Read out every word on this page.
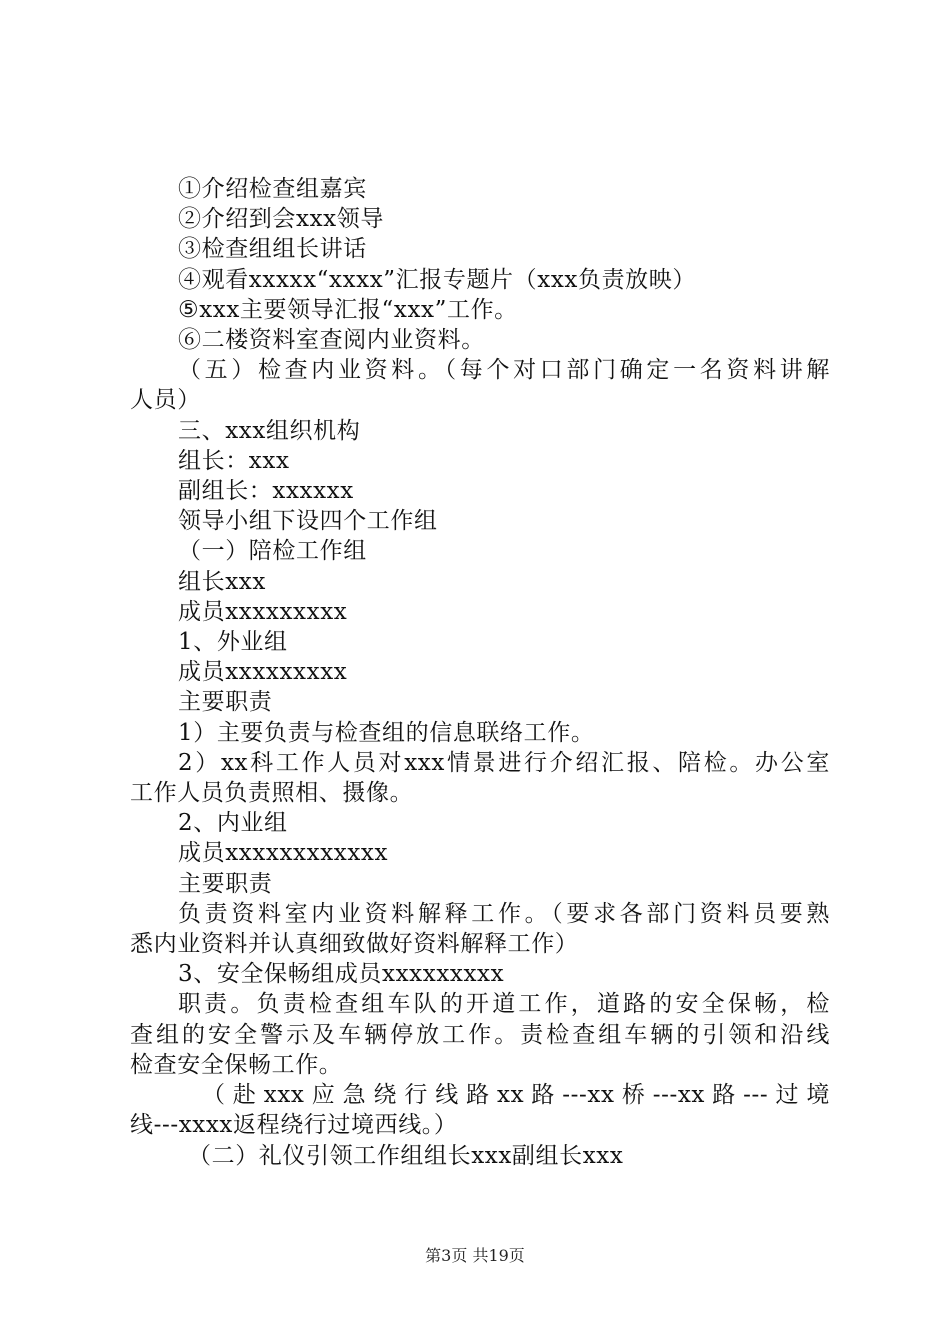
①介绍检查组嘉宾
②介绍到会xxx领导
③检查组组长讲话
④观看xxxxx“xxxx”汇报专题片（xxx负责放映）
⑤xxx主要领导汇报“xxx”工作。
⑥二楼资料室查阅内业资料。
（五）检查内业资料。（每个对口部门确定一名资料讲解
人员）
三、xxx组织机构
组长：xxx
副组长：xxxxxx
领导小组下设四个工作组
（一）陪检工作组
组长xxx
成员xxxxxxxxx
1、外业组
成员xxxxxxxxx
主要职责
1）主要负责与检查组的信息联络工作。
2）xx科工作人员对xxx情景进行介绍汇报、陪检。办公室
工作人员负责照相、摄像。
2、内业组
成员xxxxxxxxxxxx
主要职责
负责资料室内业资料解释工作。（要求各部门资料员要熟
悉内业资料并认真细致做好资料解释工作）
3、安全保畅组成员xxxxxxxxx
职责。负责检查组车队的开道工作，道路的安全保畅，检
查组的安全警示及车辆停放工作。责检查组车辆的引领和沿线
检查安全保畅工作。
（赴xxx应急绕行线路xx路---xx桥---xx路---过境
线---xxxx返程绕行过境西线。）
（二）礼仪引领工作组组长xxx副组长xxx
第3页 共19页
